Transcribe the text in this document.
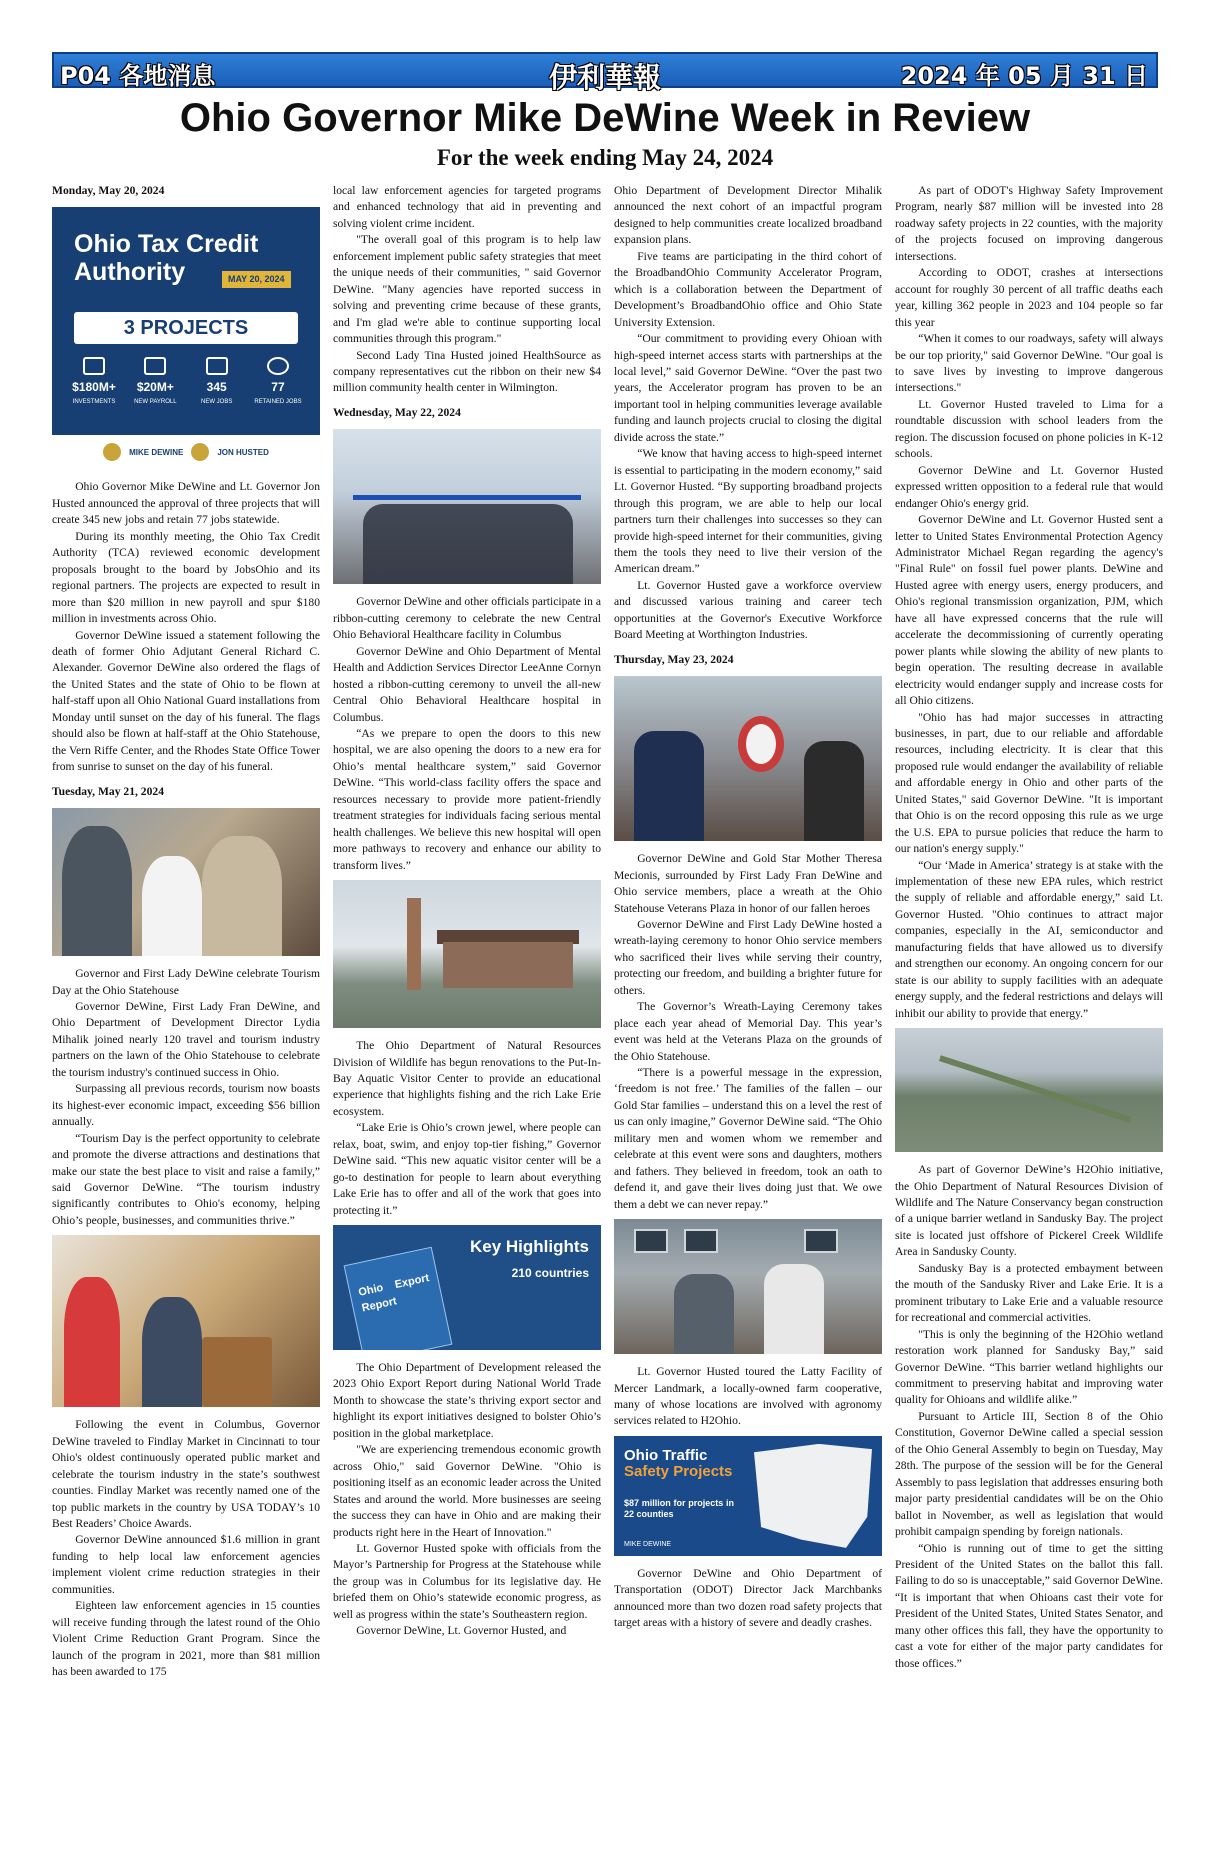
P04 各地消息	伊利華報	2024 年 05 月 31 日
Ohio Governor Mike DeWine Week in Review
For the week ending May 24, 2024

Monday, May 20, 2024

Ohio Tax Credit
Authority	MAY 20, 2024
3 PROJECTS
$180M+
INVESTMENTS
$20M+
NEW PAYROLL
345
NEW JOBS
77
RETAINED JOBS
MIKE DEWINE	JON HUSTED

Ohio Governor Mike DeWine and Lt. Governor Jon Husted announced the approval of three projects that will create 345 new jobs and retain 77 jobs statewide.

During its monthly meeting, the Ohio Tax Credit Authority (TCA) reviewed economic development proposals brought to the board by JobsOhio and its regional partners. The projects are expected to result in more than $20 million in new payroll and spur $180 million in investments across Ohio.

Governor DeWine issued a statement following the death of former Ohio Adjutant General Richard C. Alexander. Governor DeWine also ordered the flags of the United States and the state of Ohio to be flown at half-staff upon all Ohio National Guard installations from Monday until sunset on the day of his funeral. The flags should also be flown at half-staff at the Ohio Statehouse, the Vern Riffe Center, and the Rhodes State Office Tower from sunrise to sunset on the day of his funeral.

Tuesday, May 21, 2024

Governor and First Lady DeWine celebrate Tourism Day at the Ohio Statehouse

Governor DeWine, First Lady Fran DeWine, and Ohio Department of Development Director Lydia Mihalik joined nearly 120 travel and tourism industry partners on the lawn of the Ohio Statehouse to celebrate the tourism industry's continued success in Ohio.

Surpassing all previous records, tourism now boasts its highest-ever economic impact, exceeding $56 billion annually.

“Tourism Day is the perfect opportunity to celebrate and promote the diverse attractions and destinations that make our state the best place to visit and raise a family,” said Governor DeWine. “The tourism industry significantly contributes to Ohio's economy, helping Ohio’s people, businesses, and communities thrive.”

Following the event in Columbus, Governor DeWine traveled to Findlay Market in Cincinnati to tour Ohio's oldest continuously operated public market and celebrate the tourism industry in the state’s southwest counties. Findlay Market was recently named one of the top public markets in the country by USA TODAY’s 10 Best Readers’ Choice Awards.

Governor DeWine announced $1.6 million in grant funding to help local law enforcement agencies implement violent crime reduction strategies in their communities.

Eighteen law enforcement agencies in 15 counties will receive funding through the latest round of the Ohio Violent Crime Reduction Grant Program. Since the launch of the program in 2021, more than $81 million has been awarded to 175

local law enforcement agencies for targeted programs and enhanced technology that aid in preventing and solving violent crime incident.

"The overall goal of this program is to help law enforcement implement public safety strategies that meet the unique needs of their communities, " said Governor DeWine. "Many agencies have reported success in solving and preventing crime because of these grants, and I'm glad we're able to continue supporting local communities through this program."

Second Lady Tina Husted joined HealthSource as company representatives cut the ribbon on their new $4 million community health center in Wilmington.

Wednesday, May 22, 2024

Governor DeWine and other officials participate in a ribbon-cutting ceremony to celebrate the new Central Ohio Behavioral Healthcare facility in Columbus

Governor DeWine and Ohio Department of Mental Health and Addiction Services Director LeeAnne Cornyn hosted a ribbon-cutting ceremony to unveil the all-new Central Ohio Behavioral Healthcare hospital in Columbus.

“As we prepare to open the doors to this new hospital, we are also opening the doors to a new era for Ohio’s mental healthcare system,” said Governor DeWine. “This world-class facility offers the space and resources necessary to provide more patient-friendly treatment strategies for individuals facing serious mental health challenges. We believe this new hospital will open more pathways to recovery and enhance our ability to transform lives.”

The Ohio Department of Natural Resources Division of Wildlife has begun renovations to the Put-In-Bay Aquatic Visitor Center to provide an educational experience that highlights fishing and the rich Lake Erie ecosystem.

“Lake Erie is Ohio’s crown jewel, where people can relax, boat, swim, and enjoy top-tier fishing,” Governor DeWine said. “This new aquatic visitor center will be a go-to destination for people to learn about everything Lake Erie has to offer and all of the work that goes into protecting it.”

Ohio Export Report
Key Highlights
210 countries

The Ohio Department of Development released the 2023 Ohio Export Report during National World Trade Month to showcase the state’s thriving export sector and highlight its export initiatives designed to bolster Ohio’s position in the global marketplace.

"We are experiencing tremendous economic growth across Ohio," said Governor DeWine. "Ohio is positioning itself as an economic leader across the United States and around the world. More businesses are seeing the success they can have in Ohio and are making their products right here in the Heart of Innovation."

Lt. Governor Husted spoke with officials from the Mayor’s Partnership for Progress at the Statehouse while the group was in Columbus for its legislative day. He briefed them on Ohio’s statewide economic progress, as well as progress within the state’s Southeastern region.

Governor DeWine, Lt. Governor Husted, and

Ohio Department of Development Director Mihalik announced the next cohort of an impactful program designed to help communities create localized broadband expansion plans.

Five teams are participating in the third cohort of the BroadbandOhio Community Accelerator Program, which is a collaboration between the Department of Development’s BroadbandOhio office and Ohio State University Extension.

“Our commitment to providing every Ohioan with high-speed internet access starts with partnerships at the local level,” said Governor DeWine. “Over the past two years, the Accelerator program has proven to be an important tool in helping communities leverage available funding and launch projects crucial to closing the digital divide across the state.”

“We know that having access to high-speed internet is essential to participating in the modern economy,” said Lt. Governor Husted. “By supporting broadband projects through this program, we are able to help our local partners turn their challenges into successes so they can provide high-speed internet for their communities, giving them the tools they need to live their version of the American dream.”

Lt. Governor Husted gave a workforce overview and discussed various training and career tech opportunities at the Governor's Executive Workforce Board Meeting at Worthington Industries.

Thursday, May 23, 2024

Governor DeWine and Gold Star Mother Theresa Mecionis, surrounded by First Lady Fran DeWine and Ohio service members, place a wreath at the Ohio Statehouse Veterans Plaza in honor of our fallen heroes

Governor DeWine and First Lady DeWine hosted a wreath-laying ceremony to honor Ohio service members who sacrificed their lives while serving their country, protecting our freedom, and building a brighter future for others.

The Governor’s Wreath-Laying Ceremony takes place each year ahead of Memorial Day. This year’s event was held at the Veterans Plaza on the grounds of the Ohio Statehouse.

“There is a powerful message in the expression, ‘freedom is not free.’ The families of the fallen – our Gold Star families – understand this on a level the rest of us can only imagine,” Governor DeWine said. “The Ohio military men and women whom we remember and celebrate at this event were sons and daughters, mothers and fathers. They believed in freedom, took an oath to defend it, and gave their lives doing just that. We owe them a debt we can never repay.”

Lt. Governor Husted toured the Latty Facility of Mercer Landmark, a locally-owned farm cooperative, many of whose locations are involved with agronomy services related to H2Ohio.

Ohio Traffic
Safety Projects
$87 million for projects in 22 counties
MIKE DEWINE

Governor DeWine and Ohio Department of Transportation (ODOT) Director Jack Marchbanks announced more than two dozen road safety projects that target areas with a history of severe and deadly crashes.

As part of ODOT's Highway Safety Improvement Program, nearly $87 million will be invested into 28 roadway safety projects in 22 counties, with the majority of the projects focused on improving dangerous intersections.

According to ODOT, crashes at intersections account for roughly 30 percent of all traffic deaths each year, killing 362 people in 2023 and 104 people so far this year

“When it comes to our roadways, safety will always be our top priority," said Governor DeWine. "Our goal is to save lives by investing to improve dangerous intersections."

Lt. Governor Husted traveled to Lima for a roundtable discussion with school leaders from the region. The discussion focused on phone policies in K-12 schools.

Governor DeWine and Lt. Governor Husted expressed written opposition to a federal rule that would endanger Ohio's energy grid.

Governor DeWine and Lt. Governor Husted sent a letter to United States Environmental Protection Agency Administrator Michael Regan regarding the agency's "Final Rule" on fossil fuel power plants. DeWine and Husted agree with energy users, energy producers, and Ohio's regional transmission organization, PJM, which have all have expressed concerns that the rule will accelerate the decommissioning of currently operating power plants while slowing the ability of new plants to begin operation. The resulting decrease in available electricity would endanger supply and increase costs for all Ohio citizens.

"Ohio has had major successes in attracting businesses, in part, due to our reliable and affordable resources, including electricity. It is clear that this proposed rule would endanger the availability of reliable and affordable energy in Ohio and other parts of the United States," said Governor DeWine. "It is important that Ohio is on the record opposing this rule as we urge the U.S. EPA to pursue policies that reduce the harm to our nation's energy supply."

“Our ‘Made in America’ strategy is at stake with the implementation of these new EPA rules, which restrict the supply of reliable and affordable energy,” said Lt. Governor Husted. "Ohio continues to attract major companies, especially in the AI, semiconductor and manufacturing fields that have allowed us to diversify and strengthen our economy. An ongoing concern for our state is our ability to supply facilities with an adequate energy supply, and the federal restrictions and delays will inhibit our ability to provide that energy.”

As part of Governor DeWine’s H2Ohio initiative, the Ohio Department of Natural Resources Division of Wildlife and The Nature Conservancy began construction of a unique barrier wetland in Sandusky Bay. The project site is located just offshore of Pickerel Creek Wildlife Area in Sandusky County.

Sandusky Bay is a protected embayment between the mouth of the Sandusky River and Lake Erie. It is a prominent tributary to Lake Erie and a valuable resource for recreational and commercial activities.

"This is only the beginning of the H2Ohio wetland restoration work planned for Sandusky Bay,” said Governor DeWine. “This barrier wetland highlights our commitment to preserving habitat and improving water quality for Ohioans and wildlife alike.”

Pursuant to Article III, Section 8 of the Ohio Constitution, Governor DeWine called a special session of the Ohio General Assembly to begin on Tuesday, May 28th. The purpose of the session will be for the General Assembly to pass legislation that addresses ensuring both major party presidential candidates will be on the Ohio ballot in November, as well as legislation that would prohibit campaign spending by foreign nationals.

“Ohio is running out of time to get the sitting President of the United States on the ballot this fall. Failing to do so is unacceptable,” said Governor DeWine. “It is important that when Ohioans cast their vote for President of the United States, United States Senator, and many other offices this fall, they have the opportunity to cast a vote for either of the major party candidates for those offices.”
